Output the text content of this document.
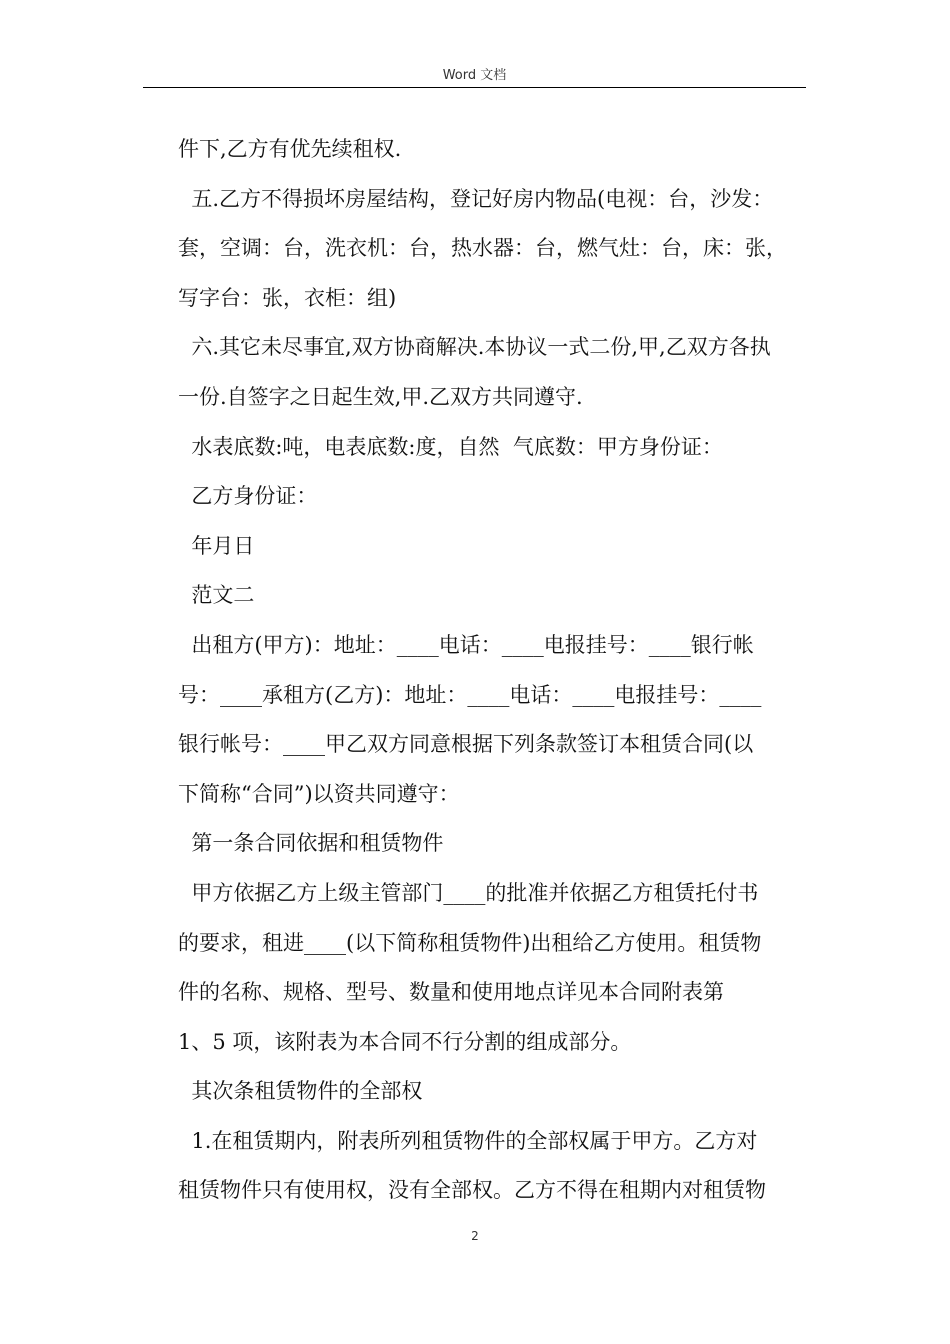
Word 文档
件下,乙方有优先续租权.
五.乙方不得损坏房屋结构，登记好房内物品(电视：台，沙发：
套，空调：台，洗衣机：台，热水器：台，燃气灶：台，床：张，
写字台：张，衣柜：组)
六.其它未尽事宜,双方协商解决.本协议一式二份,甲,乙双方各执
一份.自签字之日起生效,甲.乙双方共同遵守.
水表底数:吨，电表底数:度，自然  气底数：甲方身份证：
乙方身份证：
年月日
范文二
出租方(甲方)：地址：____电话：____电报挂号：____银行帐
号：____承租方(乙方)：地址：____电话：____电报挂号：____
银行帐号：____甲乙双方同意根据下列条款签订本租赁合同(以
下简称“合同”)以资共同遵守：
第一条合同依据和租赁物件
甲方依据乙方上级主管部门____的批准并依据乙方租赁托付书
的要求，租进____(以下简称租赁物件)出租给乙方使用。租赁物
件的名称、规格、型号、数量和使用地点详见本合同附表第
1、5 项，该附表为本合同不行分割的组成部分。
其次条租赁物件的全部权
1.在租赁期内，附表所列租赁物件的全部权属于甲方。乙方对
租赁物件只有使用权，没有全部权。乙方不得在租期内对租赁物
2
